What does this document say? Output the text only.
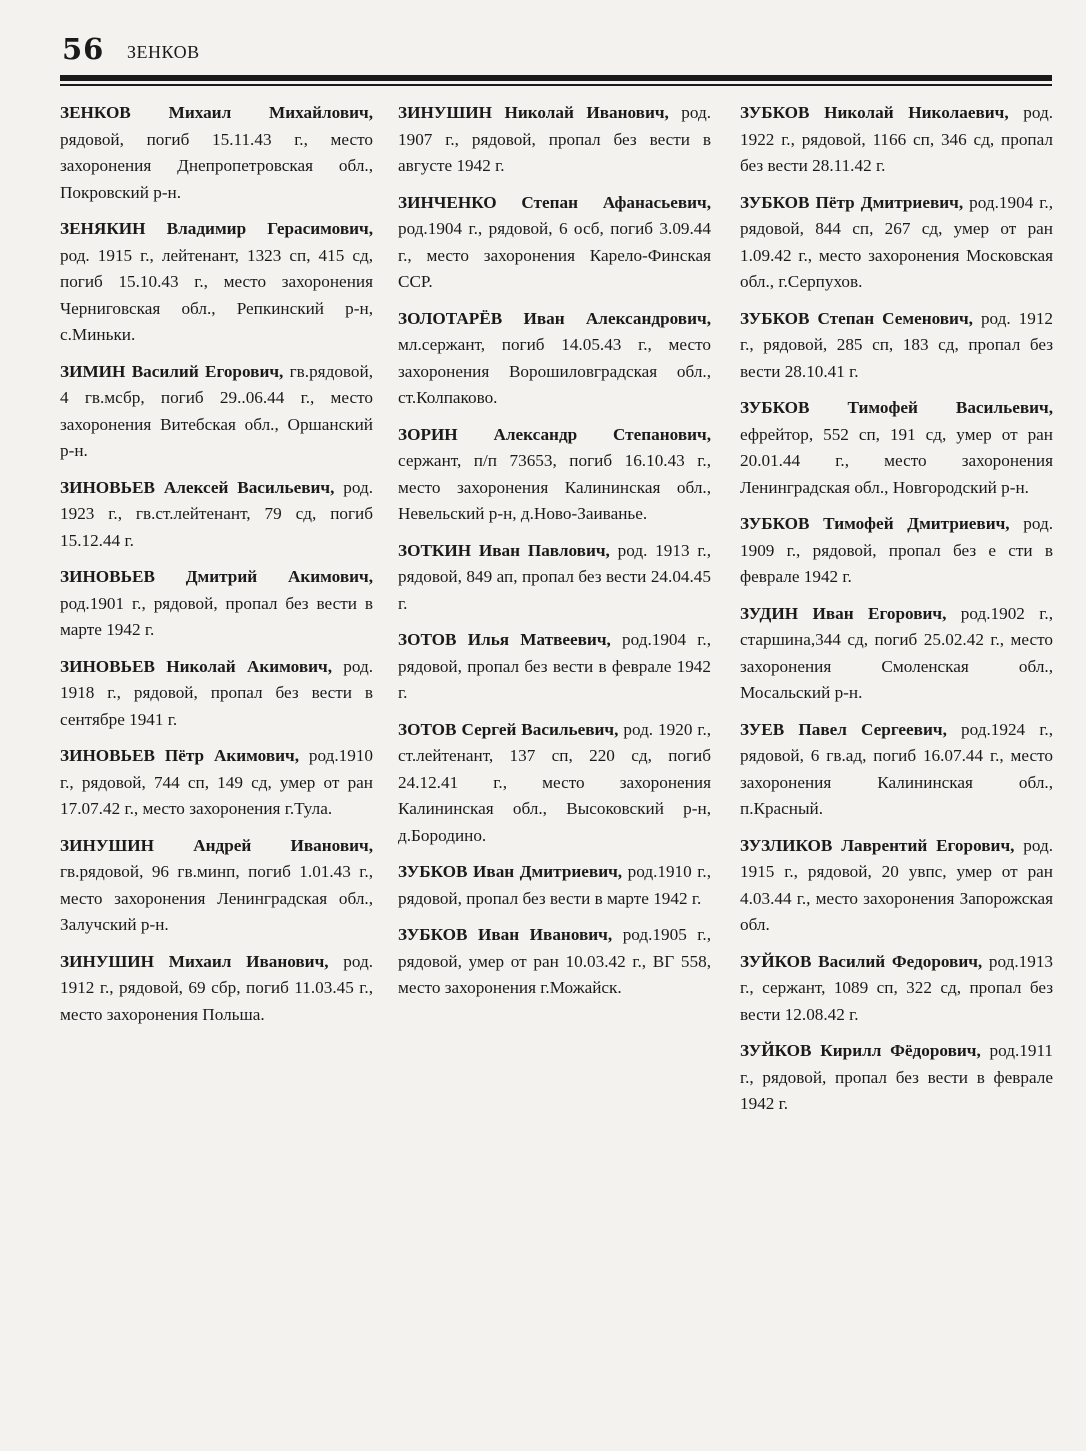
56 ЗЕНКОВ

ЗЕНКОВ Михаил Михайлович, рядовой, погиб 15.11.43 г., место захоронения Днепропетровская обл., Покровский р-н.

ЗЕНЯКИН Владимир Герасимович, род. 1915 г., лейтенант, 1323 сп, 415 сд, погиб 15.10.43 г., место захоронения Черниговская обл., Репкинский р-н, с.Миньки.

ЗИМИН Василий Егорович, гв.рядовой, 4 гв.мсбр, погиб 29..06.44 г., место захоронения Витебская обл., Оршанский р-н.

ЗИНОВЬЕВ Алексей Васильевич, род. 1923 г., гв.ст.лейтенант, 79 сд, погиб 15.12.44 г.

ЗИНОВЬЕВ Дмитрий Акимович, род.1901 г., рядовой, пропал без вести в марте 1942 г.

ЗИНОВЬЕВ Николай Акимович, род. 1918 г., рядовой, пропал без вести в сентябре 1941 г.

ЗИНОВЬЕВ Пётр Акимович, род.1910 г., рядовой, 744 сп, 149 сд, умер от ран 17.07.42 г., место захоронения г.Тула.

ЗИНУШИН Андрей Иванович, гв.рядовой, 96 гв.минп, погиб 1.01.43 г., место захоронения Ленинградская обл., Залучский р-н.

ЗИНУШИН Михаил Иванович, род. 1912 г., рядовой, 69 сбр, погиб 11.03.45 г., место захоронения Польша.

ЗИНУШИН Николай Иванович, род. 1907 г., рядовой, пропал без вести в августе 1942 г.

ЗИНЧЕНКО Степан Афанасьевич, род.1904 г., рядовой, 6 осб, погиб 3.09.44 г., место захоронения Карело-Финская ССР.

ЗОЛОТАРЁВ Иван Александрович, мл.сержант, погиб 14.05.43 г., место захоронения Ворошиловградская обл., ст.Колпаково.

ЗОРИН Александр Степанович, сержант, п/п 73653, погиб 16.10.43 г., место захоронения Калининская обл., Невельский р-н, д.Ново-Заиванье.

ЗОТКИН Иван Павлович, род. 1913 г., рядовой, 849 ап, пропал без вести 24.04.45 г.

ЗОТОВ Илья Матвеевич, род.1904 г., рядовой, пропал без вести в феврале 1942 г.

ЗОТОВ Сергей Васильевич, род. 1920 г., ст.лейтенант, 137 сп, 220 сд, погиб 24.12.41 г., место захоронения Калининская обл., Высоковский р-н, д.Бородино.

ЗУБКОВ Иван Дмитриевич, род.1910 г., рядовой, пропал без вести в марте 1942 г.

ЗУБКОВ Иван Иванович, род.1905 г., рядовой, умер от ран 10.03.42 г., ВГ 558, место захоронения г.Можайск.

ЗУБКОВ Николай Николаевич, род. 1922 г., рядовой, 1166 сп, 346 сд, пропал без вести 28.11.42 г.

ЗУБКОВ Пётр Дмитриевич, род.1904 г., рядовой, 844 сп, 267 сд, умер от ран 1.09.42 г., место захоронения Московская обл., г.Серпухов.

ЗУБКОВ Степан Семенович, род. 1912 г., рядовой, 285 сп, 183 сд, пропал без вести 28.10.41 г.

ЗУБКОВ Тимофей Васильевич, ефрейтор, 552 сп, 191 сд, умер от ран 20.01.44 г., место захоронения Ленинградская обл., Новгородский р-н.

ЗУБКОВ Тимофей Дмитриевич, род. 1909 г., рядовой, пропал без е сти в феврале 1942 г.

ЗУДИН Иван Егорович, род.1902 г., старшина,344 сд, погиб 25.02.42 г., место захоронения Смоленская обл., Мосальский р-н.

ЗУЕВ Павел Сергеевич, род.1924 г., рядовой, 6 гв.ад, погиб 16.07.44 г., место захоронения Калининская обл., п.Красный.

ЗУЗЛИКОВ Лаврентий Егорович, род. 1915 г., рядовой, 20 увпс, умер от ран 4.03.44 г., место захоронения Запорожская обл.

ЗУЙКОВ Василий Федорович, род.1913 г., сержант, 1089 сп, 322 сд, пропал без вести 12.08.42 г.

ЗУЙКОВ Кирилл Фёдорович, род.1911 г., рядовой, пропал без вести в феврале 1942 г.
